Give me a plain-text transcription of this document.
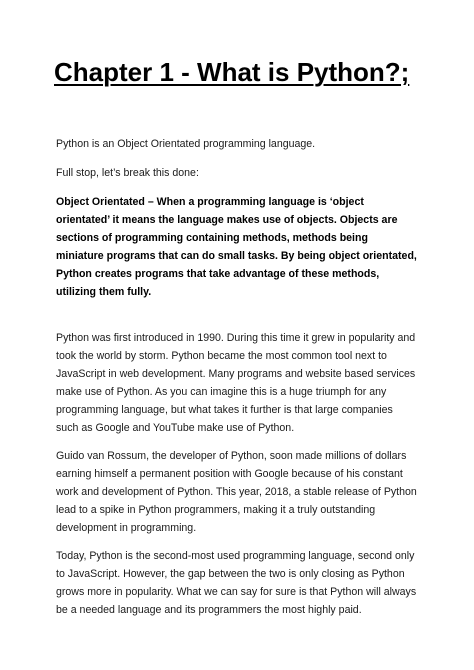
Chapter 1 - What is Python?;

Python is an Object Orientated programming language.

Full stop, let’s break this done:

Object Orientated – When a programming language is ‘object orientated’ it means the language makes use of objects. Objects are sections of programming containing methods, methods being miniature programs that can do small tasks. By being object orientated, Python creates programs that take advantage of these methods, utilizing them fully.

Python was first introduced in 1990. During this time it grew in popularity and took the world by storm. Python became the most common tool next to JavaScript in web development. Many programs and website based services make use of Python. As you can imagine this is a huge triumph for any programming language, but what takes it further is that large companies such as Google and YouTube make use of Python.

Guido van Rossum, the developer of Python, soon made millions of dollars earning himself a permanent position with Google because of his constant work and development of Python. This year, 2018, a stable release of Python lead to a spike in Python programmers, making it a truly outstanding development in programming.

Today, Python is the second-most used programming language, second only to JavaScript. However, the gap between the two is only closing as Python grows more in popularity. What we can say for sure is that Python will always be a needed language and its programmers the most highly paid.
